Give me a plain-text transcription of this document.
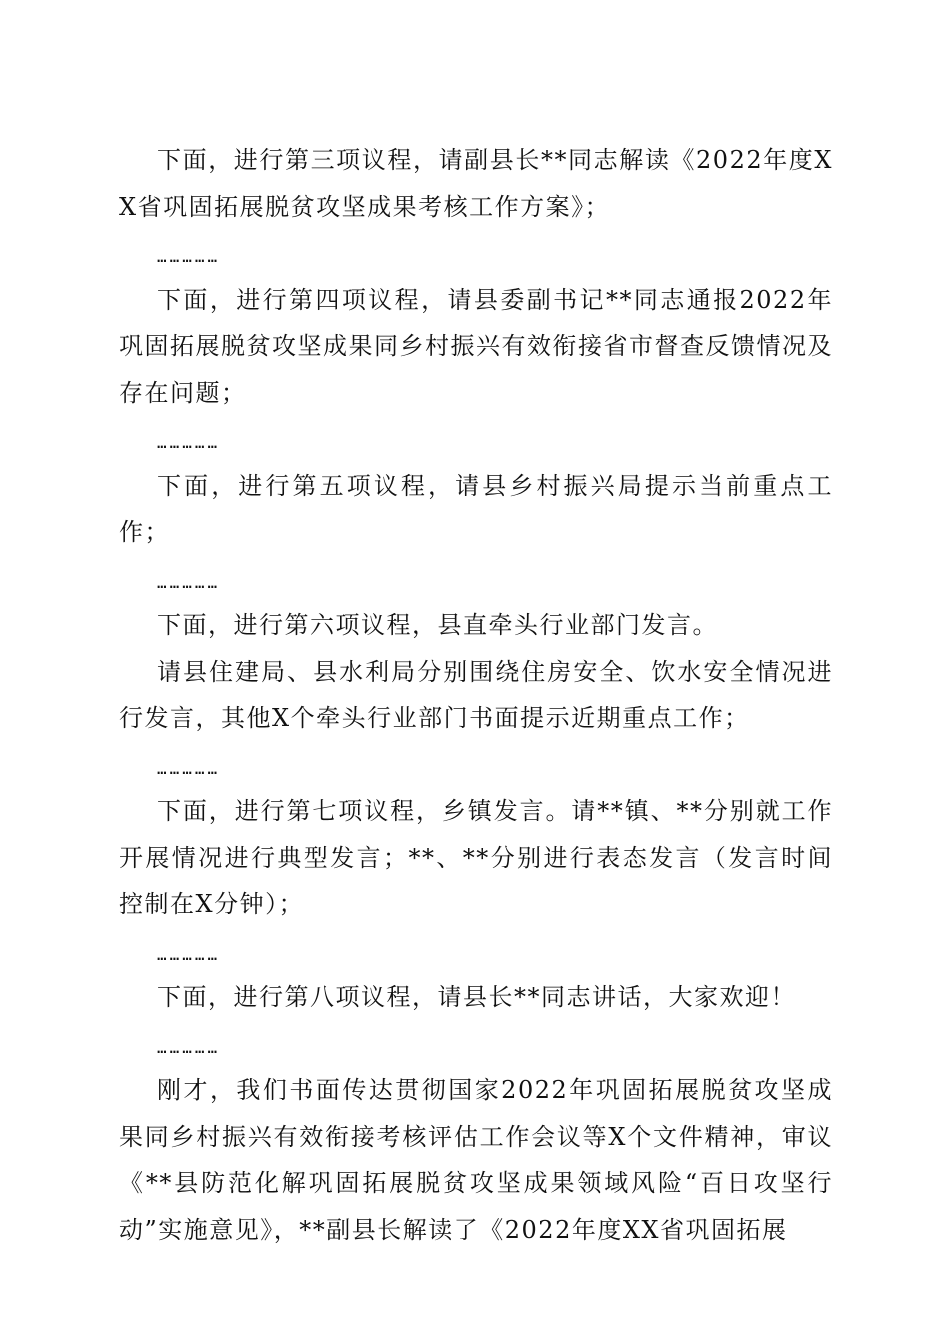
下面，进行第三项议程，请副县长**同志解读《2022年度XX省巩固拓展脱贫攻坚成果考核工作方案》；

……………

下面，进行第四项议程，请县委副书记**同志通报2022年巩固拓展脱贫攻坚成果同乡村振兴有效衔接省市督查反馈情况及存在问题；

……………

下面，进行第五项议程，请县乡村振兴局提示当前重点工作；

……………

下面，进行第六项议程，县直牵头行业部门发言。

请县住建局、县水利局分别围绕住房安全、饮水安全情况进行发言，其他X个牵头行业部门书面提示近期重点工作；

……………

下面，进行第七项议程，乡镇发言。请**镇、**分别就工作开展情况进行典型发言；**、**分别进行表态发言（发言时间控制在X分钟）；

……………

下面，进行第八项议程，请县长**同志讲话，大家欢迎！

……………

刚才，我们书面传达贯彻国家2022年巩固拓展脱贫攻坚成果同乡村振兴有效衔接考核评估工作会议等X个文件精神，审议《**县防范化解巩固拓展脱贫攻坚成果领域风险“百日攻坚行动”实施意见》，**副县长解读了《2022年度XX省巩固拓展
